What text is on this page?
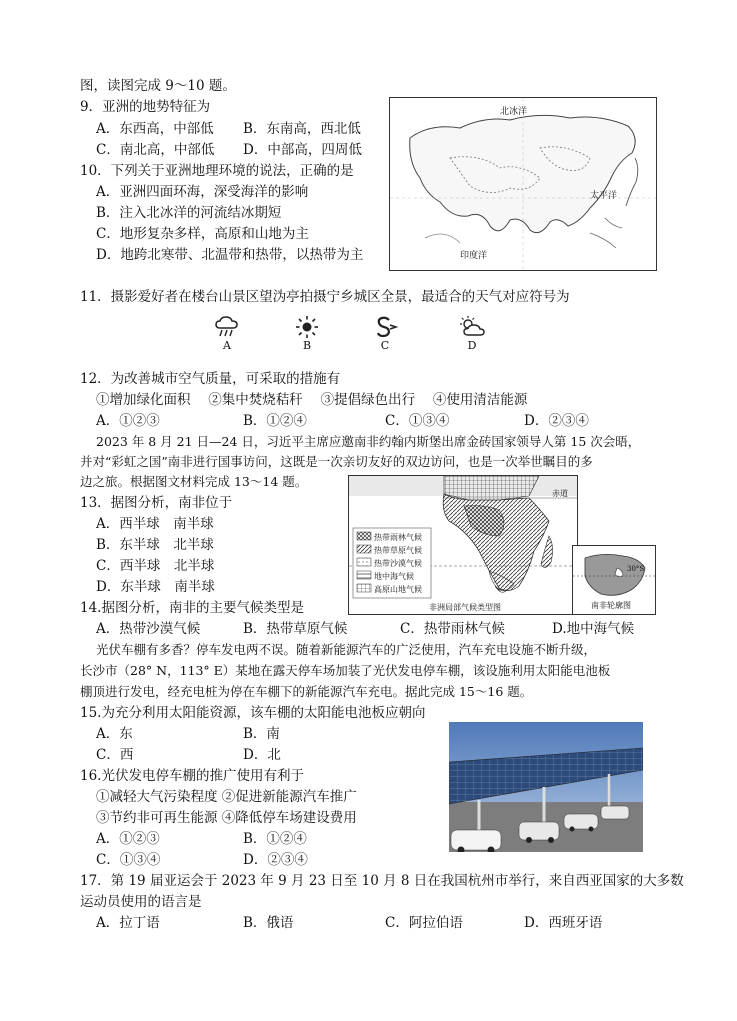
图，读图完成 9～10 题。
9．亚洲的地势特征为
A．东西高，中部低 B．东南高，西北低
C．南北高，中部低 D．中部高，四周低
10．下列关于亚洲地理环境的说法，正确的是
A．亚洲四面环海，深受海洋的影响
B．注入北冰洋的河流结冰期短
C．地形复杂多样，高原和山地为主
D．地跨北寒带、北温带和热带，以热带为主
太平洋
印度洋
北冰洋
11．摄影爱好者在楼台山景区望沩亭拍摄宁乡城区全景，最适合的天气对应符号为
A	B	C	D
12．为改善城市空气质量，可采取的措施有
①增加绿化面积　 ②集中焚烧秸秆　 ③提倡绿色出行　 ④使用清洁能源
A．①②③	B．①②④	C．①③④	D．②③④
2023 年 8 月 21 日—24 日，习近平主席应邀南非约翰内斯堡出席金砖国家领导人第 15 次会晤，
并对“彩虹之国”南非进行国事访问，这既是一次亲切友好的双边访问，也是一次举世瞩目的多
边之旅。根据图文材料完成 13～14 题。
13．据图分析，南非位于
A．西半球　南半球
B．东半球　北半球
C．西半球　北半球
D．东半球　南半球
热带雨林气候
热带草原气候
热带沙漠气候
地中海气候
高原山地气候
赤道
非洲局部气候类型图
30°S
南非轮廓图
14.据图分析，南非的主要气候类型是
A．热带沙漠气候	B．热带草原气候	C．热带雨林气候	D.地中海气候
光伏车棚有多香？停车发电两不误。随着新能源汽车的广泛使用，汽车充电设施不断升级，
长沙市（28° N，113° E）某地在露天停车场加装了光伏发电停车棚，该设施利用太阳能电池板
棚顶进行发电，经充电桩为停在车棚下的新能源汽车充电。据此完成 15～16 题。
15.为充分利用太阳能资源，该车棚的太阳能电池板应朝向
A．东	B．南
C．西	D．北
16.光伏发电停车棚的推广使用有利于
①减轻大气污染程度 ②促进新能源汽车推广
③节约非可再生能源 ④降低停车场建设费用
A．①②③	B．①②④
C．①③④	D．②③④
17．第 19 届亚运会于 2023 年 9 月 23 日至 10 月 8 日在我国杭州市举行，来自西亚国家的大多数
运动员使用的语言是
A．拉丁语	B．俄语	C．阿拉伯语	D．西班牙语
